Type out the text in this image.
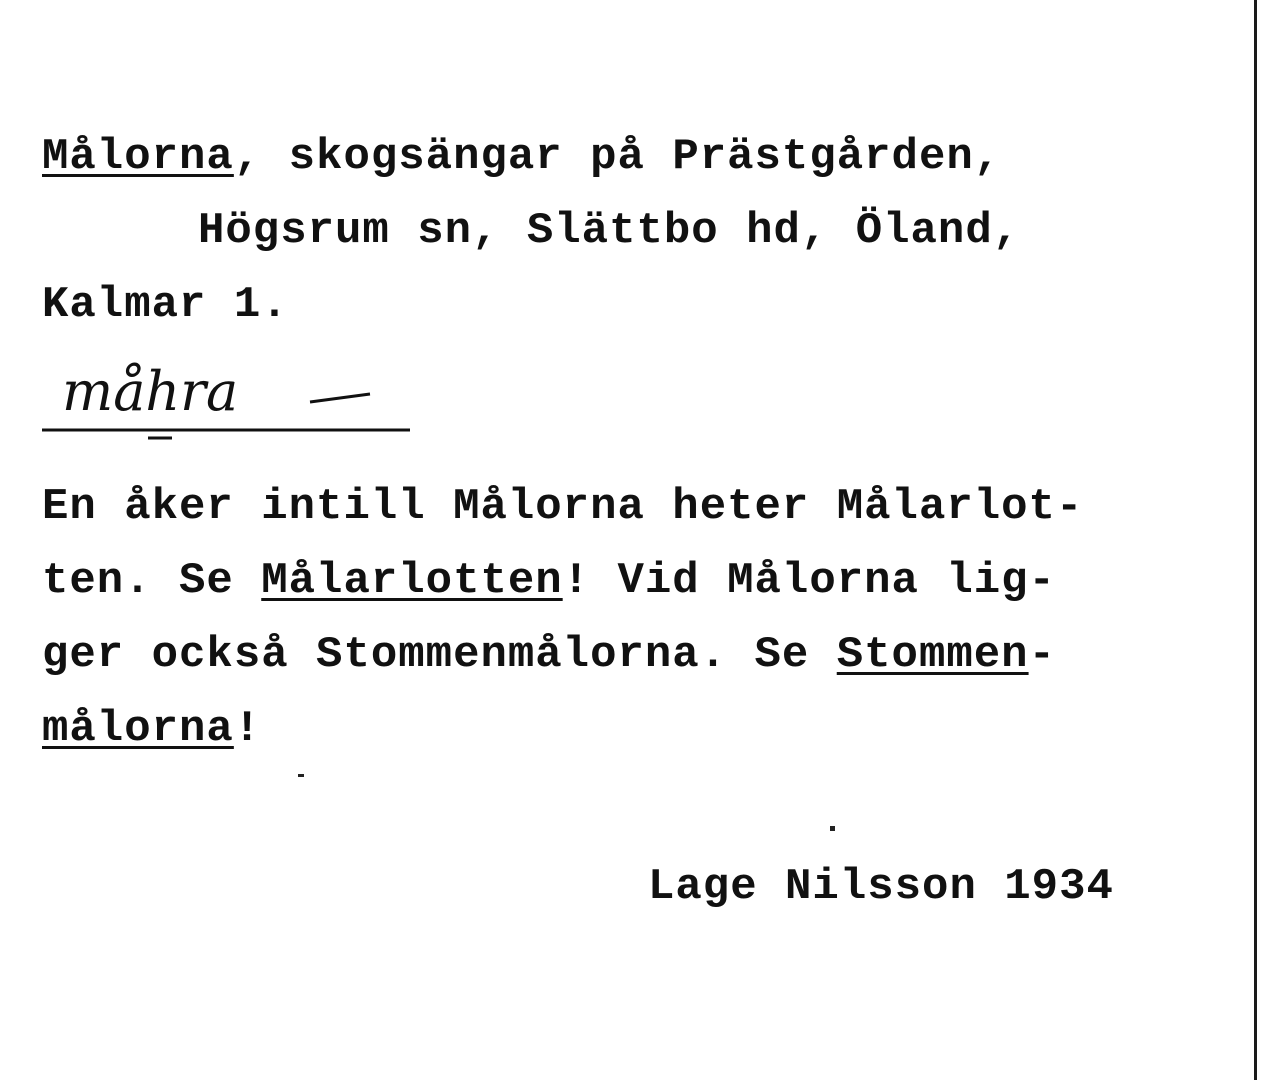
Målorna, skogsängar på Prästgården,
Högsrum sn, Slättbo hd, Öland,
Kalmar 1.
måhra
En åker intill Målorna heter Målarlot-
ten. Se Målarlotten! Vid Målorna lig-
ger också Stommenmålorna. Se Stommen-
målorna!
Lage Nilsson 1934
